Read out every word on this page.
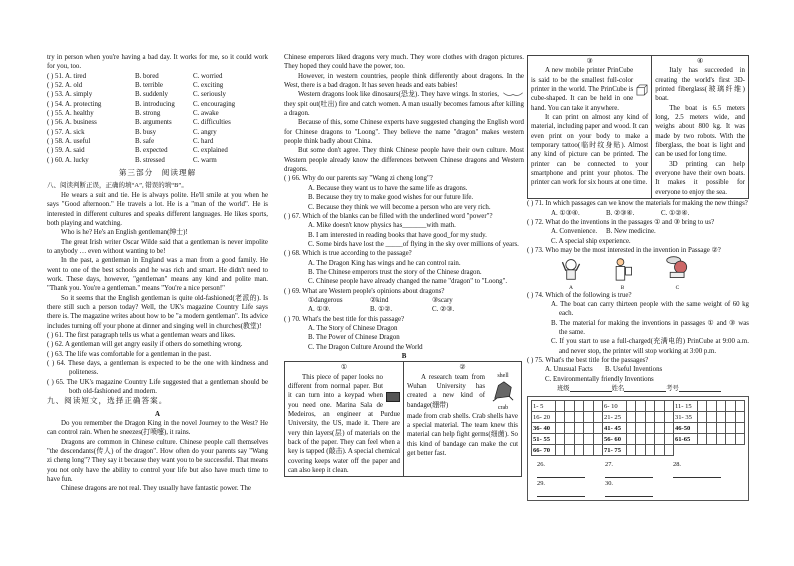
try in person when you're having a bad day. It works for me, so it could work for you, too.

( ) 51. A. tired	B. bored	C. worried
( ) 52. A. old	B. terrible	C. exciting
( ) 53. A. simply	B. suddenly	C. seriously
( ) 54. A. protecting	B. introducing	C. encouraging
( ) 55. A. healthy	B. strong	C. awake
( ) 56. A. business	B. arguments	C. difficulties
( ) 57. A. sick	B. busy	C. angry
( ) 58. A. useful	B. safe	C. hard
( ) 59. A. said	B. expected	C. explained
( ) 60. A. lucky	B. stressed	C. warm

第三部分　阅读理解

八、阅读判断正误，正确的填“A”, 错误的填“B”。

He wears a suit and tie. He is always polite. He'll smile at you when he says "Good afternoon." He travels a lot. He is a "man of the world". He is interested in different cultures and speaks different languages. He likes sports, both playing and watching.

Who is he? He's an English gentleman(绅士)!

The great Irish writer Oscar Wilde said that a gentleman is never impolite to anybody … even without wanting to be!

In the past, a gentleman in England was a man from a good family. He went to one of the best schools and he was rich and smart. He didn't need to work. These days, however, "gentleman" means any kind and polite man. "Thank you. You're a gentleman." means "You're a nice person!"

So it seems that the English gentleman is quite old-fashioned(老派的). Is there still such a person today? Well, the UK's magazine Country Life says there is. The magazine writes about how to be "a modern gentleman". Its advice includes turning off your phone at dinner and singing well in churches(教堂)!

( ) 61. The first paragraph tells us what a gentleman wears and likes.

( ) 62. A gentleman will get angry easily if others do something wrong.

( ) 63. The life was comfortable for a gentleman in the past.

( ) 64. These days, a gentleman is expected to be the one with kindness and politeness.

( ) 65. The UK's magazine Country Life suggested that a gentleman should be both old-fashioned and modern.

九、阅读短文，选择正确答案。

A

Do you remember the Dragon King in the novel Journey to the West? He can control rain. When he sneezes(打喷嚏), it rains.

Dragons are common in Chinese culture. Chinese people call themselves "the descendants(传人) of the dragon". How often do your parents say "Wang zi cheng long"? They say it because they want you to be successful. That means you not only have the ability to control your life but also have much time to have fun.

Chinese dragons are not real. They usually have fantastic power. The

Chinese emperors liked dragons very much. They wore clothes with dragon pictures. They hoped they could have the power, too.

However, in western countries, people think differently about dragons. In the West, there is a bad dragon. It has seven heads and eats babies!

Western dragons look like dinosaurs(恐龙). They have wings. In stories, they spit out(吐出) fire and catch women. A man usually becomes famous after killing a dragon.

Because of this, some Chinese experts have suggested changing the English word for Chinese dragons to "Loong". They believe the name "dragon" makes western people think badly about China.

But some don't agree. They think Chinese people have their own culture. Most Western people already know the differences between Chinese dragons and Western dragons.

( ) 66. Why do our parents say "Wang zi cheng long"?

A. Because they want us to have the same life as dragons.

B. Because they try to make good wishes for our future life.

C. Because they think we will become a person who are very rich.

( ) 67. Which of the blanks can be filled with the underlined word "power"?

A. Mike doesn't know physics has_______with math.

B. I am interested in reading books that have good_for my study.

C. Some birds have lost the _____of flying in the sky over millions of years.

( ) 68. Which is true according to the passage?

A. The Dragon King has wings and he can control rain.

B. The Chinese emperors trust the story of the Chinese dragon.

C. Chinese people have already changed the name "dragon" to "Loong".

( ) 69. What are Western people's opinions about dragons?

①dangerous	②kind	③scary
A. ①③.	B. ①②.	C. ②③.

( ) 70. What's the best title for this passage?

A. The Story of Chinese Dragon

B. The Power of Chinese Dragon

C. The Dragon Culture Around the World

B

①

This piece of paper looks no different from normal paper. But it can turn into a keypad when you need one. Marina Sala de Medeiros, an engineer at Purdue University, the US, made it. There are very thin layers(层) of materials on the back of the paper. They can feel when a key is tapped (敲击). A special chemical covering keeps water off the paper and can also keep it clean.

②

A research team from Wuhan University has created a new kind of bandage(绷带)

shell
crab

made from crab shells. Crab shells have a special material. The team knew this material can help fight germs(细菌). So this kind of bandage can make the cut get better fast.

③

A new mobile printer PrinCube is said to be the smallest full-color printer in the world. The PrinCube is cube-shaped. It can be held in one hand. You can take it anywhere.

It can print on almost any kind of material, including paper and wood. It can even print on your body to make a temporary tattoo(临时纹身贴). Almost any kind of picture can be printed. The printer can be connected to your smartphone and print your photos. The printer can work for six hours at one time.

④

Italy has succeeded in creating the world's first 3D-printed fiberglass(玻璃纤维) boat.

The boat is 6.5 meters long, 2.5 meters wide, and weighs about 800 kg. It was made by two robots. With the fiberglass, the boat is light and can be used for long time.

3D printing can help everyone have their own boats. It makes it possible for everyone to enjoy the sea.

( ) 71. In which passages can we know the materials for making the new things?

A. ①③④.	B. ②③④.	C. ①②④.

( ) 72. What do the inventions in the passages ① and ③ bring to us?

A. Convenience.	B. New medicine.

C. A special ship experience.

( ) 73. Who may be the most interested in the invention in Passage ②?

A	B	C

( ) 74. Which of the following is true?

A. The boat can carry thirteen people with the same weight of 60 kg each.

B. The material for making the inventions in passages ① and ③ was the same.

C. If you start to use a full-charged(充满电的) PrinCube at 9:00 a.m. and never stop, the printer will stop working at 3:00 p.m.

( ) 75. What's the best title for the passages?

A. Unusual Facts	B. Useful Inventions

C. Environmentally friendly Inventions

班级	姓名	考号
1- 5						6- 10						11- 15					
16- 20						21- 25						31- 35					
36- 40						41- 45						46-50					
51- 55						56- 60						61-65					
66- 70						71- 75											
26.	27.	28.
29.	30.
